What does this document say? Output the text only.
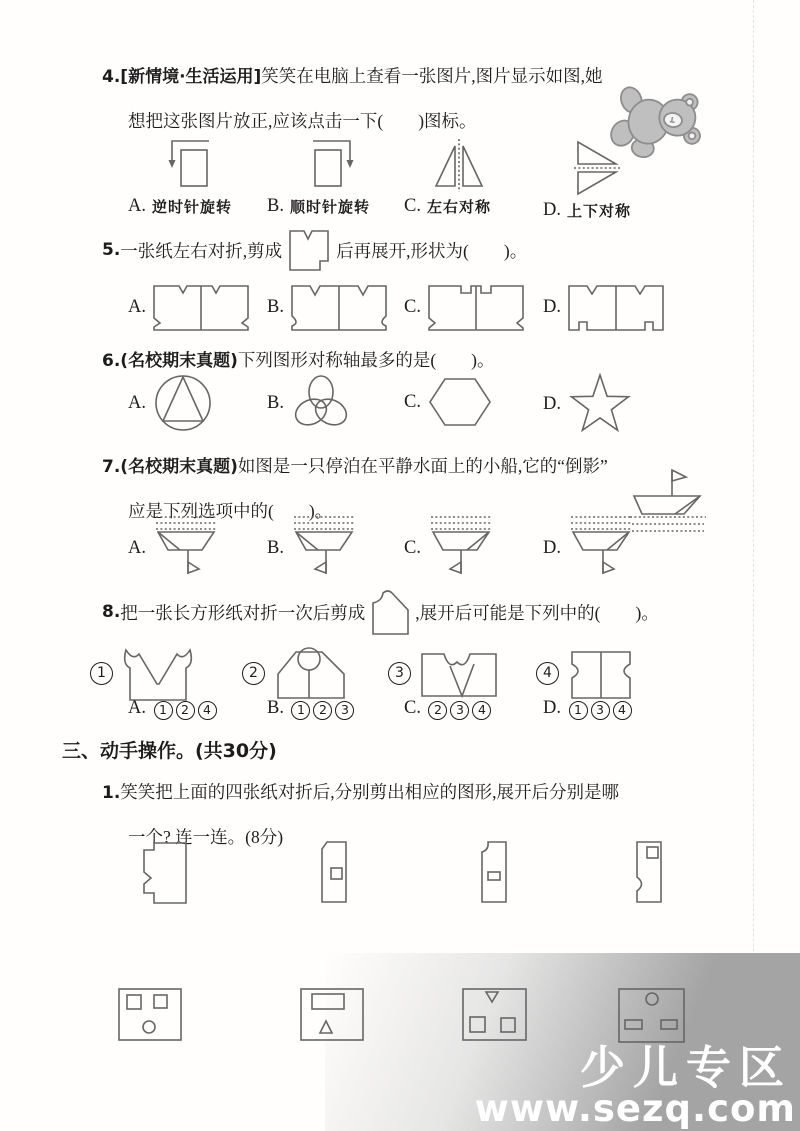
4.[新情境·生活运用]笑笑在电脑上查看一张图片,图片显示如图,她
想把这张图片放正,应该点击一下(　　)图标。
A. 逆时针旋转 B. 顺时针旋转 C. 左右对称	D. 上下对称
5. 一张纸左右对折,剪成	后再展开,形状为(　　)。
A.	B.	C.	D.
6.(名校期末真题)下列图形对称轴最多的是(　　)。
A.	B.	C.	D.
7.(名校期末真题)如图是一只停泊在平静水面上的小船,它的“倒影”
应是下列选项中的(　　)。
A.	B.	C.	D.
8. 把一张长方形纸对折一次后剪成	,展开后可能是下列中的(　　)。
1	2	3	4
A.	1 2 4	B.	1 2 3	C.	2 3 4	D.	1 3 4
三、动手操作。(共30分)
1.笑笑把上面的四张纸对折后,分别剪出相应的图形,展开后分别是哪
一个? 连一连。(8分)
少儿专区
www.sezq.com
